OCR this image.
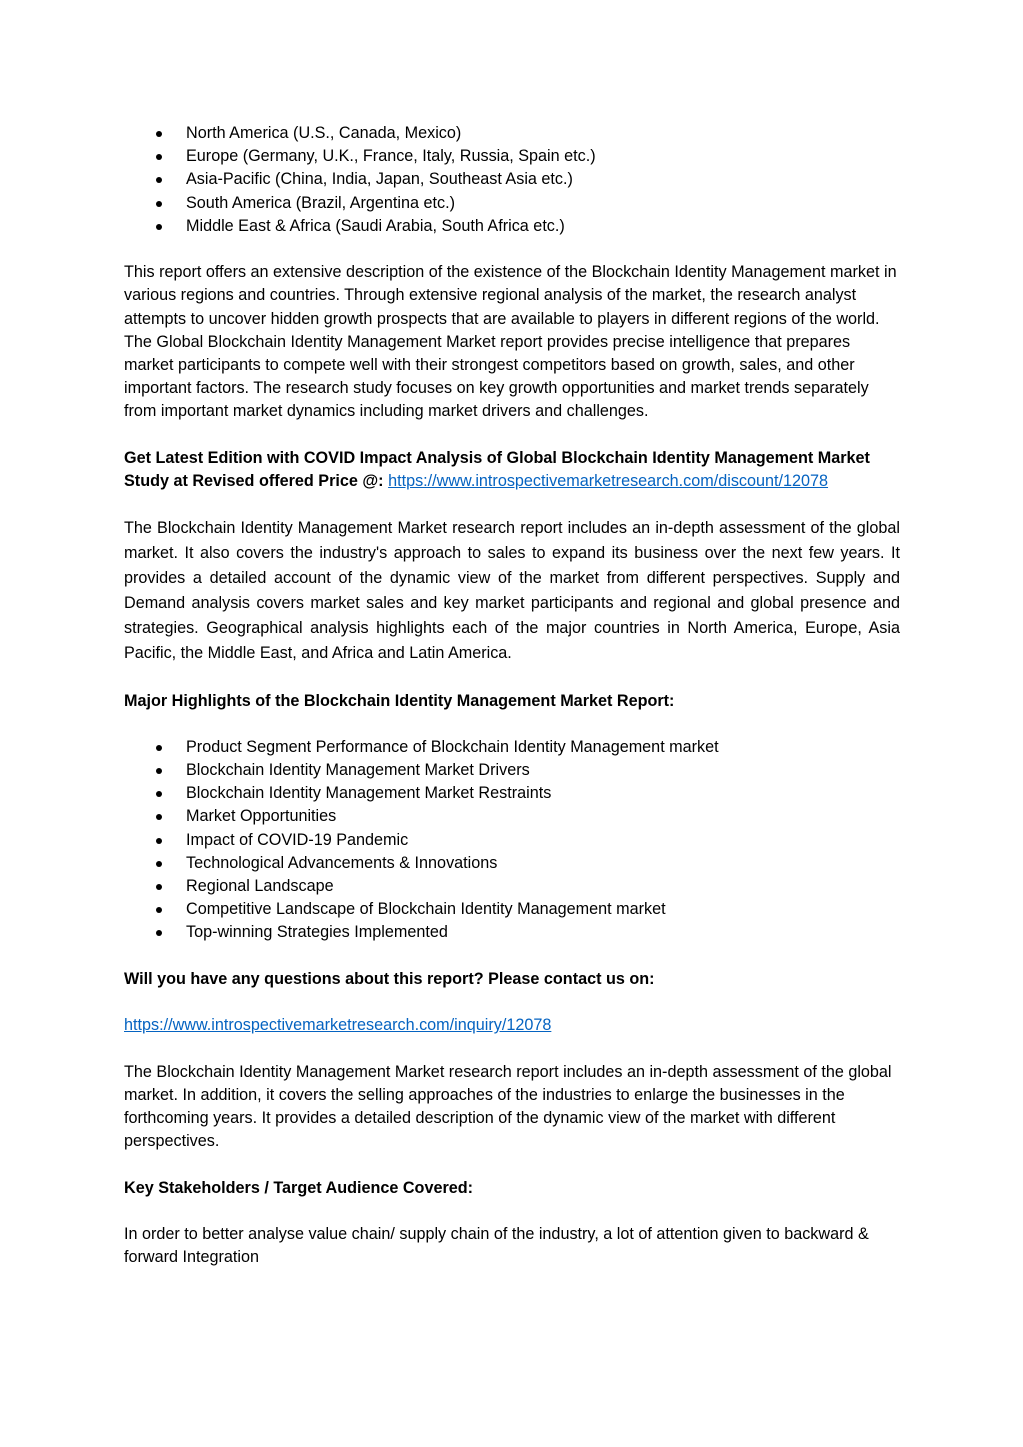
North America (U.S., Canada, Mexico)
Europe (Germany, U.K., France, Italy, Russia, Spain etc.)
Asia-Pacific (China, India, Japan, Southeast Asia etc.)
South America (Brazil, Argentina etc.)
Middle East & Africa (Saudi Arabia, South Africa etc.)

This report offers an extensive description of the existence of the Blockchain Identity Management market in various regions and countries. Through extensive regional analysis of the market, the research analyst attempts to uncover hidden growth prospects that are available to players in different regions of the world. The Global Blockchain Identity Management Market report provides precise intelligence that prepares market participants to compete well with their strongest competitors based on growth, sales, and other important factors. The research study focuses on key growth opportunities and market trends separately from important market dynamics including market drivers and challenges.

Get Latest Edition with COVID Impact Analysis of Global Blockchain Identity Management Market Study at Revised offered Price @: https://www.introspectivemarketresearch.com/discount/12078

The Blockchain Identity Management Market research report includes an in-depth assessment of the global market. It also covers the industry's approach to sales to expand its business over the next few years. It provides a detailed account of the dynamic view of the market from different perspectives. Supply and Demand analysis covers market sales and key market participants and regional and global presence and strategies. Geographical analysis highlights each of the major countries in North America, Europe, Asia Pacific, the Middle East, and Africa and Latin America.

Major Highlights of the Blockchain Identity Management Market Report:

Product Segment Performance of Blockchain Identity Management market
Blockchain Identity Management Market Drivers
Blockchain Identity Management Market Restraints
Market Opportunities
Impact of COVID-19 Pandemic
Technological Advancements & Innovations
Regional Landscape
Competitive Landscape of Blockchain Identity Management market
Top-winning Strategies Implemented

Will you have any questions about this report? Please contact us on:

https://www.introspectivemarketresearch.com/inquiry/12078

The Blockchain Identity Management Market research report includes an in-depth assessment of the global market. In addition, it covers the selling approaches of the industries to enlarge the businesses in the forthcoming years. It provides a detailed description of the dynamic view of the market with different perspectives.

Key Stakeholders / Target Audience Covered:

In order to better analyse value chain/ supply chain of the industry, a lot of attention given to backward & forward Integration
